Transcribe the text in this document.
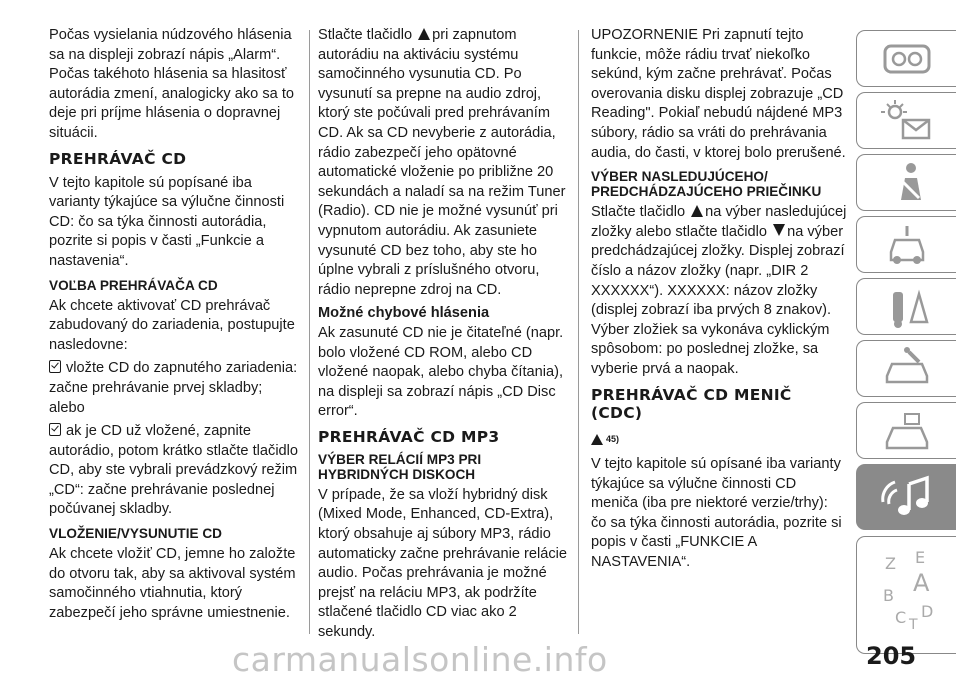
Počas vysielania núdzového hlásenia sa na displeji zobrazí nápis „Alarm“. Počas takéhoto hlásenia sa hlasitosť autorádia zmení, analogicky ako sa to deje pri príjme hlásenia o dopravnej situácii.

PREHRÁVAČ CD

V tejto kapitole sú popísané iba varianty týkajúce sa výlučne činnosti CD: čo sa týka činnosti autorádia, pozrite si popis v časti „Funkcie a nastavenia“.

VOĽBA PREHRÁVAČA CD

Ak chcete aktivovať CD prehrávač zabudovaný do zariadenia, postupujte nasledovne:

vložte CD do zapnutého zariadenia: začne prehrávanie prvej skladby; alebo

ak je CD už vložené, zapnite autorádio, potom krátko stlačte tlačidlo CD, aby ste vybrali prevádzkový režim „CD“: začne prehrávanie poslednej počúvanej skladby.

VLOŽENIE/VYSUNUTIE CD

Ak chcete vložiť CD, jemne ho založte do otvoru tak, aby sa aktivoval systém samočinného vtiahnutia, ktorý zabezpečí jeho správne umiestnenie.

Stlačte tlačidlo pri zapnutom autorádiu na aktiváciu systému samočinného vysunutia CD. Po vysunutí sa prepne na audio zdroj, ktorý ste počúvali pred prehrávaním CD. Ak sa CD nevyberie z autorádia, rádio zabezpečí jeho opätovné automatické vloženie po približne 20 sekundách a naladí sa na režim Tuner (Radio). CD nie je možné vysunúť pri vypnutom autorádiu. Ak zasuniete vysunuté CD bez toho, aby ste ho úplne vybrali z príslušného otvoru, rádio neprepne zdroj na CD.

Možné chybové hlásenia

Ak zasunuté CD nie je čitateľné (napr. bolo vložené CD ROM, alebo CD vložené naopak, alebo chyba čítania), na displeji sa zobrazí nápis „CD Disc error“.

PREHRÁVAČ CD MP3
VÝBER RELÁCIÍ MP3 PRI HYBRIDNÝCH DISKOCH

V prípade, že sa vloží hybridný disk (Mixed Mode, Enhanced, CD-Extra), ktorý obsahuje aj súbory MP3, rádio automaticky začne prehrávanie relácie audio. Počas prehrávania je možné prejsť na reláciu MP3, ak podržíte stlačené tlačidlo CD viac ako 2 sekundy.

UPOZORNENIE Pri zapnutí tejto funkcie, môže rádiu trvať niekoľko sekúnd, kým začne prehrávať. Počas overovania disku displej zobrazuje „CD Reading". Pokiaľ nebudú nájdené MP3 súbory, rádio sa vráti do prehrávania audia, do časti, v ktorej bolo prerušené.

VÝBER NASLEDUJÚCEHO/ PREDCHÁDZAJÚCEHO PRIEČINKU

Stlačte tlačidlo na výber nasledujúcej zložky alebo stlačte tlačidlo na výber predchádzajúcej zložky. Displej zobrazí číslo a názov zložky (napr. „DIR 2 XXXXXX“). XXXXXX: názov zložky (displej zobrazí iba prvých 8 znakov). Výber zložiek sa vykonáva cyklickým spôsobom: po poslednej zložke, sa vyberie prvá a naopak.

PREHRÁVAČ CD MENIČ (CDC)
45)

V tejto kapitole sú opísané iba varianty týkajúce sa výlučne činnosti CD meniča (iba pre niektoré verzie/trhy): čo sa týka činnosti autorádia, pozrite si popis v časti „FUNKCIE A NASTAVENIA“.	Z E
A
B
C T
D
carmanualsonline.info	205
